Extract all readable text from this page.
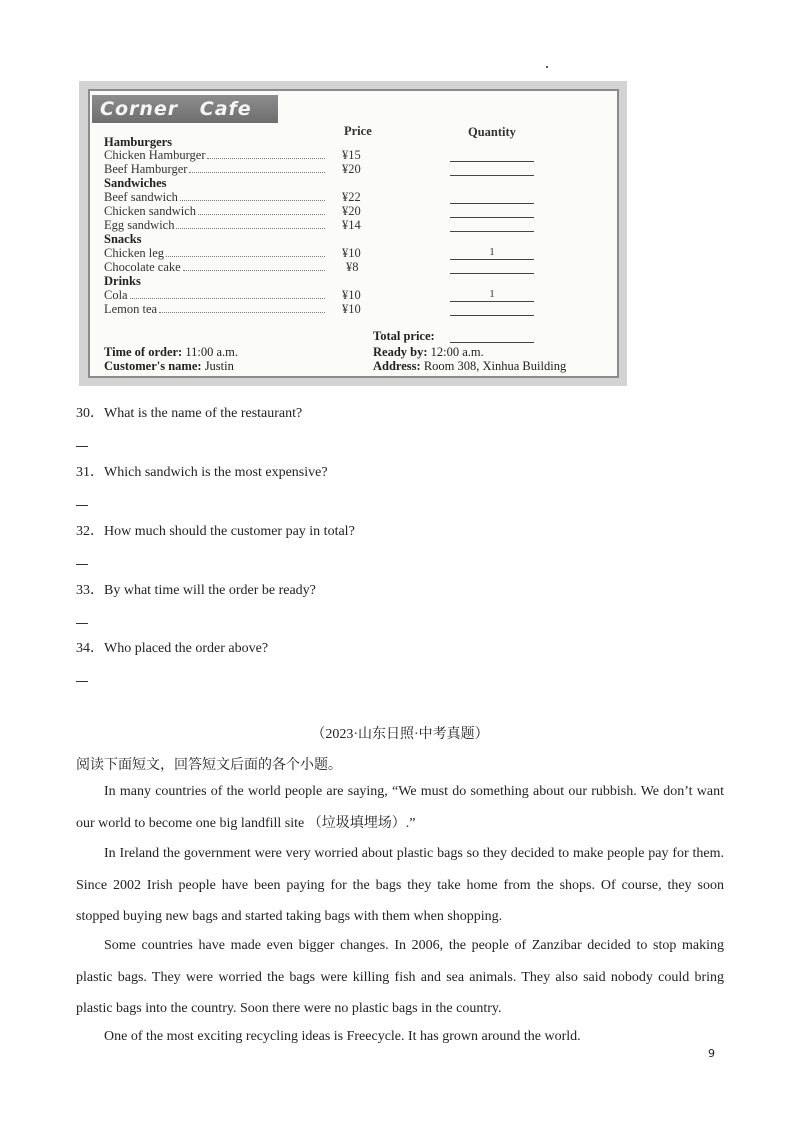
Corner Cafe
Price	Quantity
Hamburgers
Chicken Hamburger	¥15
Beef Hamburger	¥20
Sandwiches
Beef sandwich	¥22
Chicken sandwich	¥20
Egg sandwich	¥14
Snacks
Chicken leg	¥10	1
Chocolate cake	¥8
Drinks
Cola	¥10	1
Lemon tea	¥10
Total price:
Time of order: 11:00 a.m.
Customer's name: Justin
Ready by: 12:00 a.m.
Address: Room 308, Xinhua Building
30．What is the name of the restaurant?
31．Which sandwich is the most expensive?
32．How much should the customer pay in total?
33．By what time will the order be ready?
34．Who placed the order above?
（2023·山东日照·中考真题）
阅读下面短文，回答短文后面的各个小题。

In many countries of the world people are saying, “We must do something about our rubbish. We don’t want our world to become one big landfill site （垃圾填埋场）.”

In Ireland the government were very worried about plastic bags so they decided to make people pay for them. Since 2002 Irish people have been paying for the bags they take home from the shops. Of course, they soon stopped buying new bags and started taking bags with them when shopping.

Some countries have made even bigger changes. In 2006, the people of Zanzibar decided to stop making plastic bags. They were worried the bags were killing fish and sea animals. They also said nobody could bring plastic bags into the country. Soon there were no plastic bags in the country.

One of the most exciting recycling ideas is Freecycle. It has grown around the world.

9
